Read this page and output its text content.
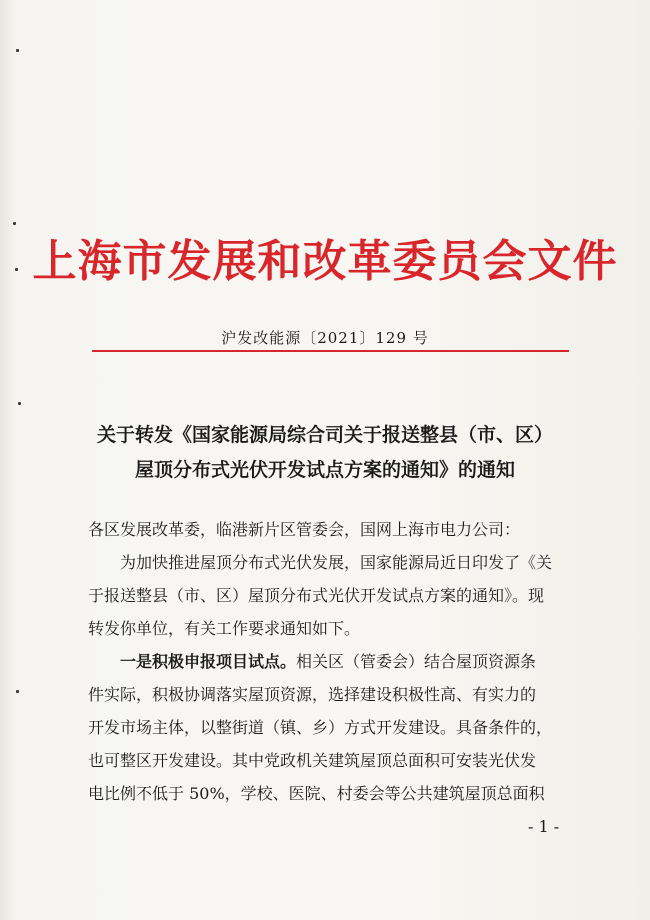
上海市发展和改革委员会文件
沪发改能源〔2021〕129 号
关于转发《国家能源局综合司关于报送整县（市、区）
屋顶分布式光伏开发试点方案的通知》的通知
各区发展改革委，临港新片区管委会，国网上海市电力公司：
为加快推进屋顶分布式光伏发展，国家能源局近日印发了《关
于报送整县（市、区）屋顶分布式光伏开发试点方案的通知》。现
转发你单位，有关工作要求通知如下。
一是积极申报项目试点。相关区（管委会）结合屋顶资源条
件实际，积极协调落实屋顶资源，选择建设积极性高、有实力的
开发市场主体，以整街道（镇、乡）方式开发建设。具备条件的，
也可整区开发建设。其中党政机关建筑屋顶总面积可安装光伏发
电比例不低于 50%，学校、医院、村委会等公共建筑屋顶总面积
- 1 -
